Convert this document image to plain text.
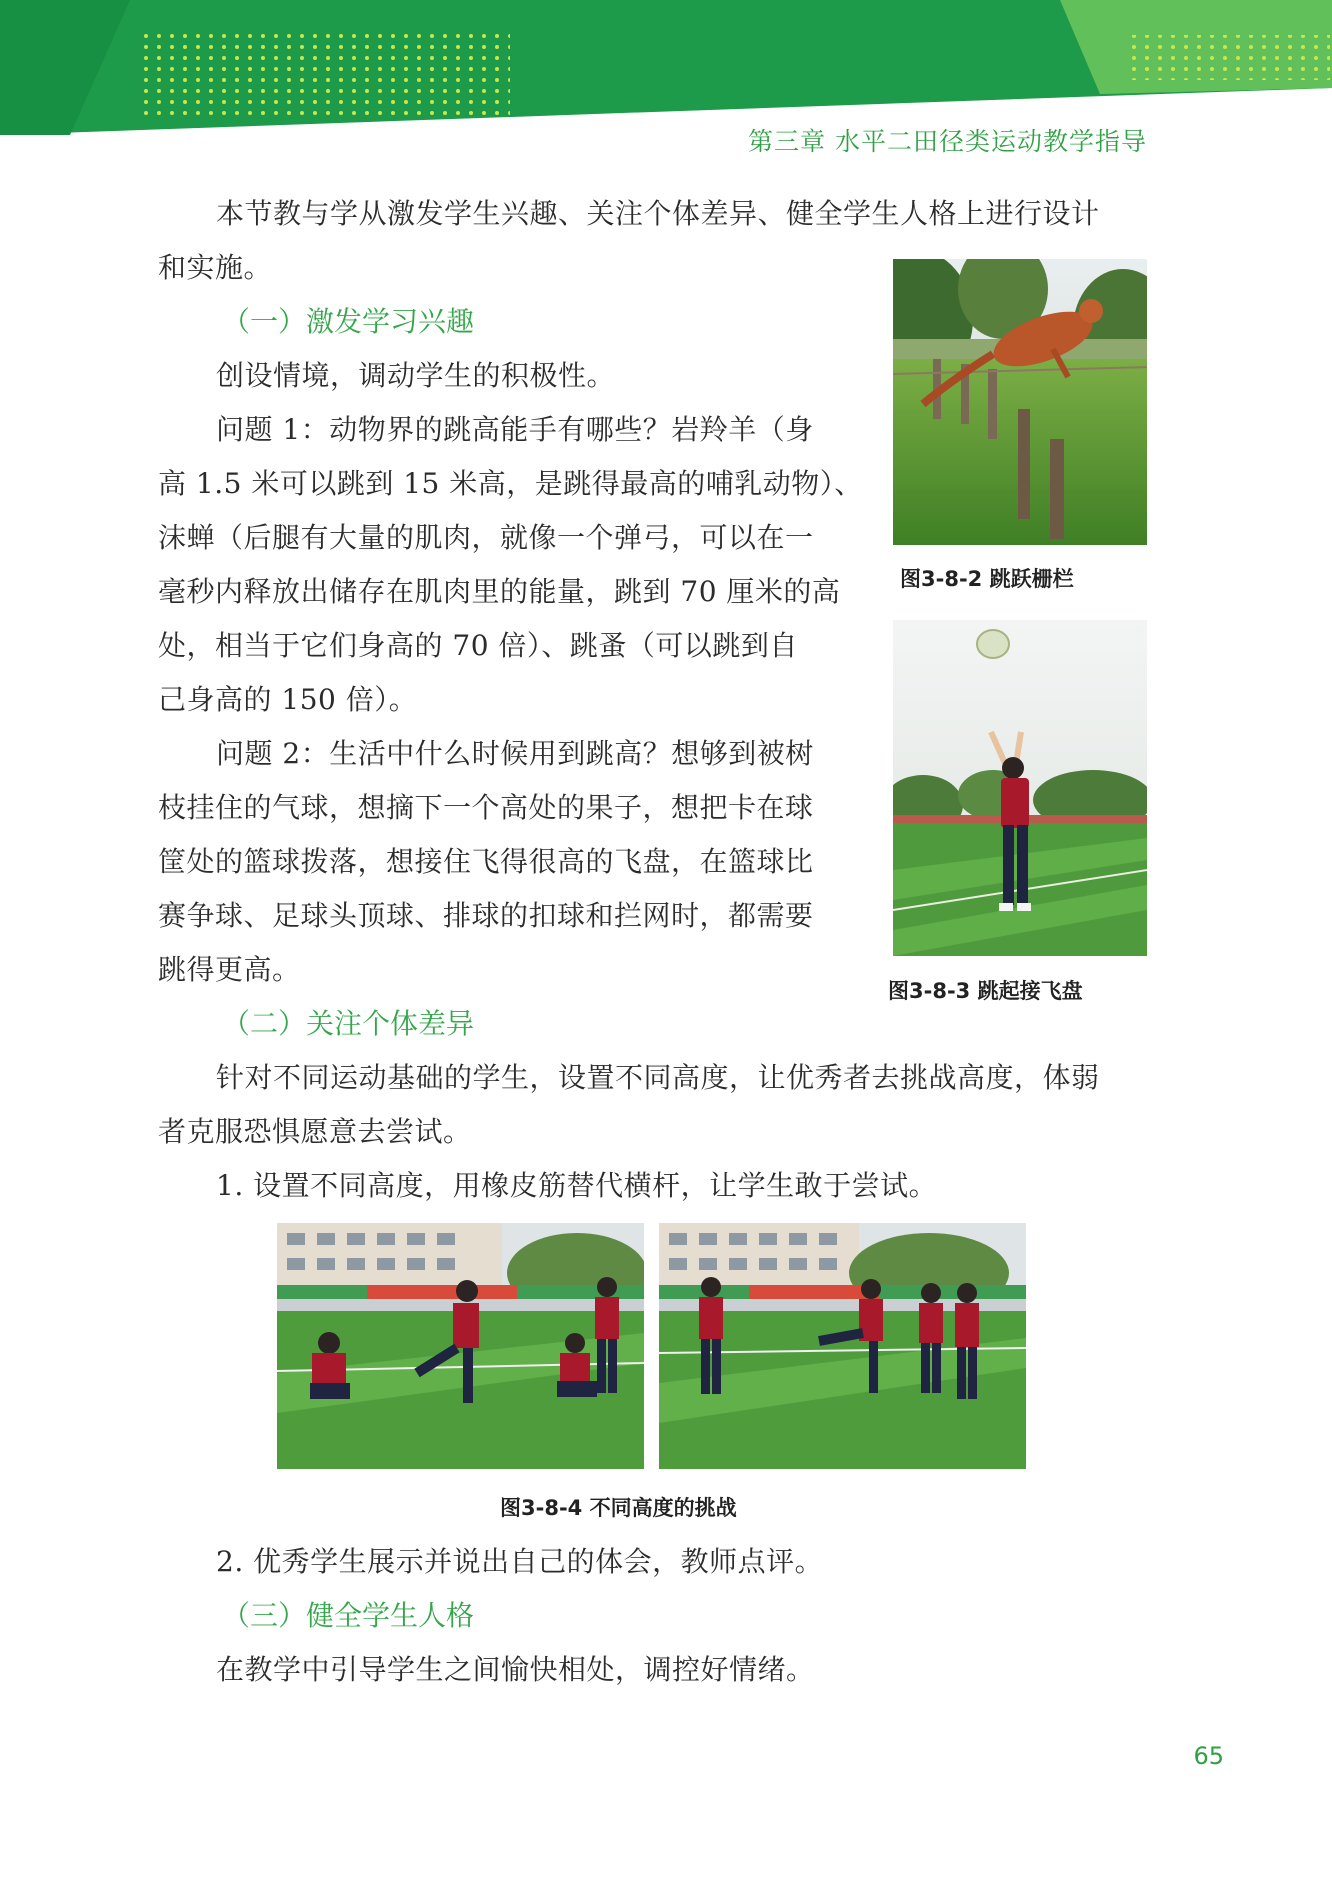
第三章 水平二田径类运动教学指导
本节教与学从激发学生兴趣、关注个体差异、健全学生人格上进行设计
和实施。
（一）激发学习兴趣
创设情境，调动学生的积极性。
问题 1：动物界的跳高能手有哪些？岩羚羊（身
高 1.5 米可以跳到 15 米高，是跳得最高的哺乳动物）、
沫蝉（后腿有大量的肌肉，就像一个弹弓，可以在一
毫秒内释放出储存在肌肉里的能量，跳到 70 厘米的高
处，相当于它们身高的 70 倍）、跳蚤（可以跳到自
己身高的 150 倍）。
问题 2：生活中什么时候用到跳高？想够到被树
枝挂住的气球，想摘下一个高处的果子，想把卡在球
筐处的篮球拨落，想接住飞得很高的飞盘，在篮球比
赛争球、足球头顶球、排球的扣球和拦网时，都需要
跳得更高。
（二）关注个体差异
针对不同运动基础的学生，设置不同高度，让优秀者去挑战高度，体弱
者克服恐惧愿意去尝试。
1. 设置不同高度，用橡皮筋替代横杆，让学生敢于尝试。
2. 优秀学生展示并说出自己的体会，教师点评。
（三）健全学生人格
在教学中引导学生之间愉快相处，调控好情绪。
图3-8-2 跳跃栅栏
图3-8-3 跳起接飞盘
图3-8-4 不同高度的挑战
65
